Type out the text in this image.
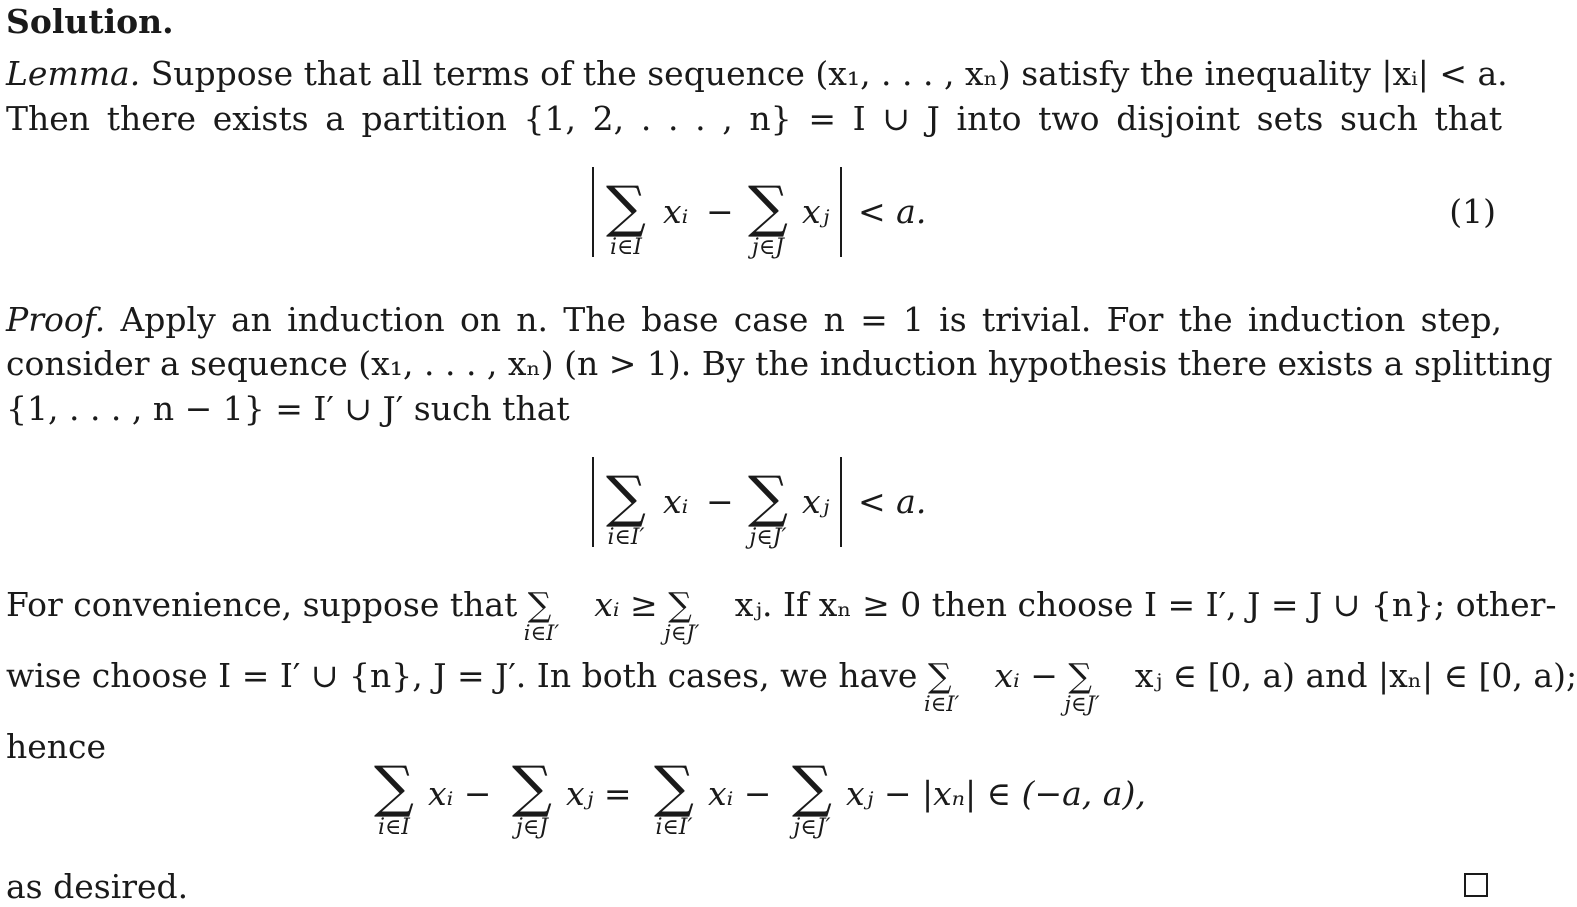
Solution.
Lemma. Suppose that all terms of the sequence (x₁, . . . , xₙ) satisfy the inequality |xᵢ| < a.
Then there exists a partition {1, 2, . . . , n} = I ∪ J into two disjoint sets such that
∑
i∈I
xᵢ − ∑
j∈J
xⱼ < a.	(1)
Proof. Apply an induction on n. The base case n = 1 is trivial. For the induction step,
consider a sequence (x₁, . . . , xₙ) (n > 1). By the induction hypothesis there exists a splitting
{1, . . . , n − 1} = I′ ∪ J′ such that
∑
i∈I′
xᵢ − ∑
j∈J′
xⱼ < a.
For convenience, suppose that ∑
i∈I′
xᵢ ≥ ∑
j∈J′
xⱼ. If xₙ ≥ 0 then choose I = I′, J = J ∪ {n}; other-
wise choose I = I′ ∪ {n}, J = J′. In both cases, we have ∑
i∈I′
xᵢ − ∑
j∈J′
xⱼ ∈ [0, a) and |xₙ| ∈ [0, a);
hence
∑
i∈I
xᵢ − ∑
j∈J
xⱼ = ∑
i∈I′
xᵢ − ∑
j∈J′
xⱼ − |xₙ| ∈ (−a, a),
as desired.
